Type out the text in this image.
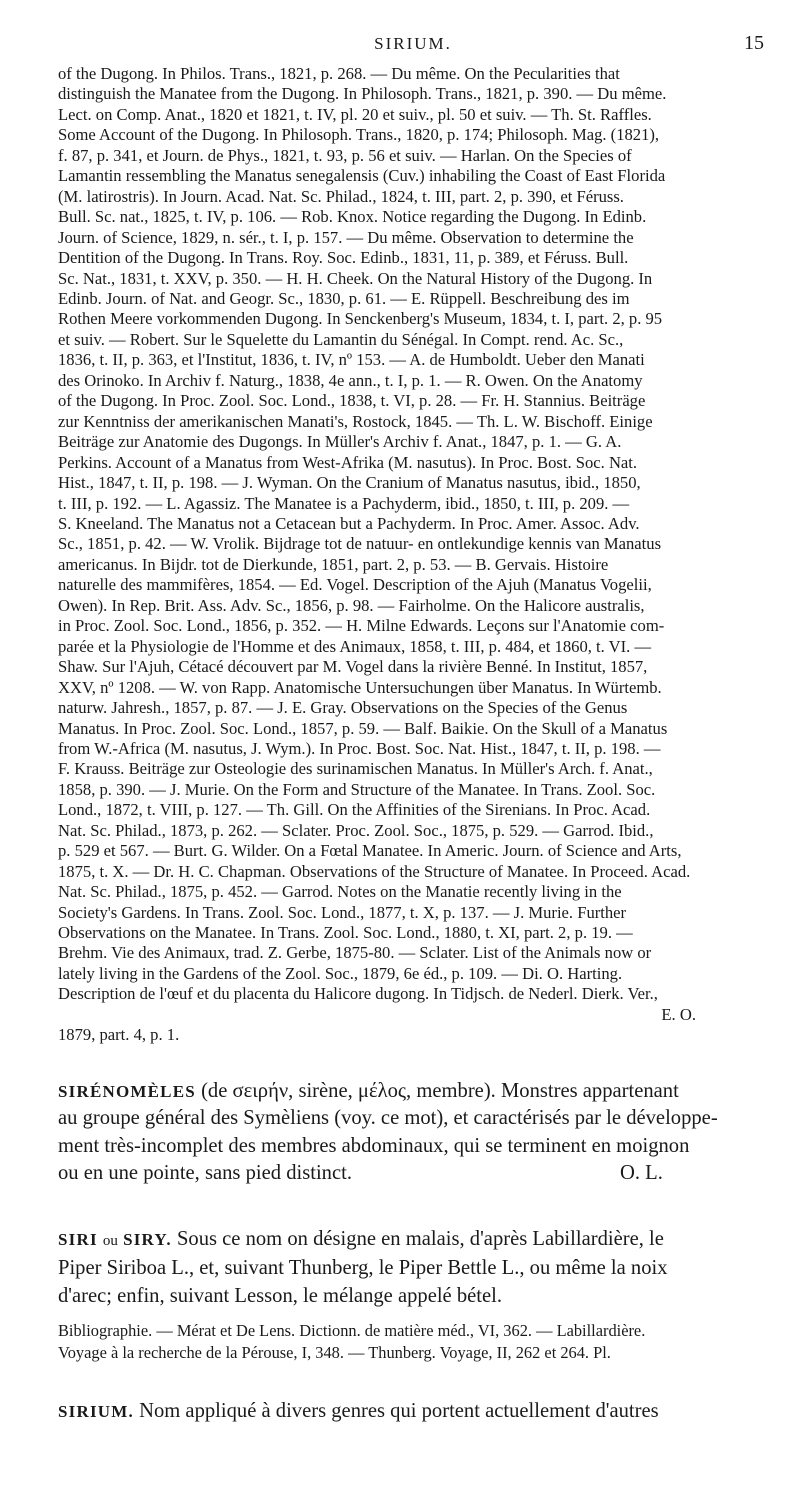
SIRIUM.	15
of the Dugong. In Philos. Trans., 1821, p. 268. — Du même. On the Pecularities that
distinguish the Manatee from the Dugong. In Philosoph. Trans., 1821, p. 390. — Du même.
Lect. on Comp. Anat., 1820 et 1821, t. IV, pl. 20 et suiv., pl. 50 et suiv. — Th. St. Raffles.
Some Account of the Dugong. In Philosoph. Trans., 1820, p. 174; Philosoph. Mag. (1821),
f. 87, p. 341, et Journ. de Phys., 1821, t. 93, p. 56 et suiv. — Harlan. On the Species of
Lamantin ressembling the Manatus senegalensis (Cuv.) inhabiling the Coast of East Florida
(M. latirostris). In Journ. Acad. Nat. Sc. Philad., 1824, t. III, part. 2, p. 390, et Féruss.
Bull. Sc. nat., 1825, t. IV, p. 106. — Rob. Knox. Notice regarding the Dugong. In Edinb.
Journ. of Science, 1829, n. sér., t. I, p. 157. — Du même. Observation to determine the
Dentition of the Dugong. In Trans. Roy. Soc. Edinb., 1831, 11, p. 389, et Féruss. Bull.
Sc. Nat., 1831, t. XXV, p. 350. — H. H. Cheek. On the Natural History of the Dugong. In
Edinb. Journ. of Nat. and Geogr. Sc., 1830, p. 61. — E. Rüppell. Beschreibung des im
Rothen Meere vorkommenden Dugong. In Senckenberg's Museum, 1834, t. I, part. 2, p. 95
et suiv. — Robert. Sur le Squelette du Lamantin du Sénégal. In Compt. rend. Ac. Sc.,
1836, t. II, p. 363, et l'Institut, 1836, t. IV, nº 153. — A. de Humboldt. Ueber den Manati
des Orinoko. In Archiv f. Naturg., 1838, 4e ann., t. I, p. 1. — R. Owen. On the Anatomy
of the Dugong. In Proc. Zool. Soc. Lond., 1838, t. VI, p. 28. — Fr. H. Stannius. Beiträge
zur Kenntniss der amerikanischen Manati's, Rostock, 1845. — Th. L. W. Bischoff. Einige
Beiträge zur Anatomie des Dugongs. In Müller's Archiv f. Anat., 1847, p. 1. — G. A.
Perkins. Account of a Manatus from West-Afrika (M. nasutus). In Proc. Bost. Soc. Nat.
Hist., 1847, t. II, p. 198. — J. Wyman. On the Cranium of Manatus nasutus, ibid., 1850,
t. III, p. 192. — L. Agassiz. The Manatee is a Pachyderm, ibid., 1850, t. III, p. 209. —
S. Kneeland. The Manatus not a Cetacean but a Pachyderm. In Proc. Amer. Assoc. Adv.
Sc., 1851, p. 42. — W. Vrolik. Bijdrage tot de natuur- en ontlekundige kennis van Manatus
americanus. In Bijdr. tot de Dierkunde, 1851, part. 2, p. 53. — B. Gervais. Histoire
naturelle des mammifères, 1854. — Ed. Vogel. Description of the Ajuh (Manatus Vogelii,
Owen). In Rep. Brit. Ass. Adv. Sc., 1856, p. 98. — Fairholme. On the Halicore australis,
in Proc. Zool. Soc. Lond., 1856, p. 352. — H. Milne Edwards. Leçons sur l'Anatomie com-
parée et la Physiologie de l'Homme et des Animaux, 1858, t. III, p. 484, et 1860, t. VI. —
Shaw. Sur l'Ajuh, Cétacé découvert par M. Vogel dans la rivière Benné. In Institut, 1857,
XXV, nº 1208. — W. von Rapp. Anatomische Untersuchungen über Manatus. In Würtemb.
naturw. Jahresh., 1857, p. 87. — J. E. Gray. Observations on the Species of the Genus
Manatus. In Proc. Zool. Soc. Lond., 1857, p. 59. — Balf. Baikie. On the Skull of a Manatus
from W.-Africa (M. nasutus, J. Wym.). In Proc. Bost. Soc. Nat. Hist., 1847, t. II, p. 198. —
F. Krauss. Beiträge zur Osteologie des surinamischen Manatus. In Müller's Arch. f. Anat.,
1858, p. 390. — J. Murie. On the Form and Structure of the Manatee. In Trans. Zool. Soc.
Lond., 1872, t. VIII, p. 127. — Th. Gill. On the Affinities of the Sirenians. In Proc. Acad.
Nat. Sc. Philad., 1873, p. 262. — Sclater. Proc. Zool. Soc., 1875, p. 529. — Garrod. Ibid.,
p. 529 et 567. — Burt. G. Wilder. On a Fœtal Manatee. In Americ. Journ. of Science and Arts,
1875, t. X. — Dr. H. C. Chapman. Observations of the Structure of Manatee. In Proceed. Acad.
Nat. Sc. Philad., 1875, p. 452. — Garrod. Notes on the Manatie recently living in the
Society's Gardens. In Trans. Zool. Soc. Lond., 1877, t. X, p. 137. — J. Murie. Further
Observations on the Manatee. In Trans. Zool. Soc. Lond., 1880, t. XI, part. 2, p. 19. —
Brehm. Vie des Animaux, trad. Z. Gerbe, 1875-80. — Sclater. List of the Animals now or
lately living in the Gardens of the Zool. Soc., 1879, 6e éd., p. 109. — Di. O. Harting.
Description de l'œuf et du placenta du Halicore dugong. In Tidjsch. de Nederl. Dierk. Ver.,
E. O.
1879, part. 4, p. 1.
SIRÉNOMÈLES (de σειρήν, sirène, μέλος, membre). Monstres appartenant
au groupe général des Symèliens (voy. ce mot), et caractérisés par le développe-
ment très-incomplet des membres abdominaux, qui se terminent en moignon
ou en une pointe, sans pied distinct.	O. L.
SIRI ou SIRY. Sous ce nom on désigne en malais, d'après Labillardière, le
Piper Siriboa L., et, suivant Thunberg, le Piper Bettle L., ou même la noix
d'arec; enfin, suivant Lesson, le mélange appelé bétel.
Bibliographie. — Mérat et De Lens. Dictionn. de matière méd., VI, 362. — Labillardière.
Voyage à la recherche de la Pérouse, I, 348. — Thunberg. Voyage, II, 262 et 264. Pl.
SIRIUM. Nom appliqué à divers genres qui portent actuellement d'autres
